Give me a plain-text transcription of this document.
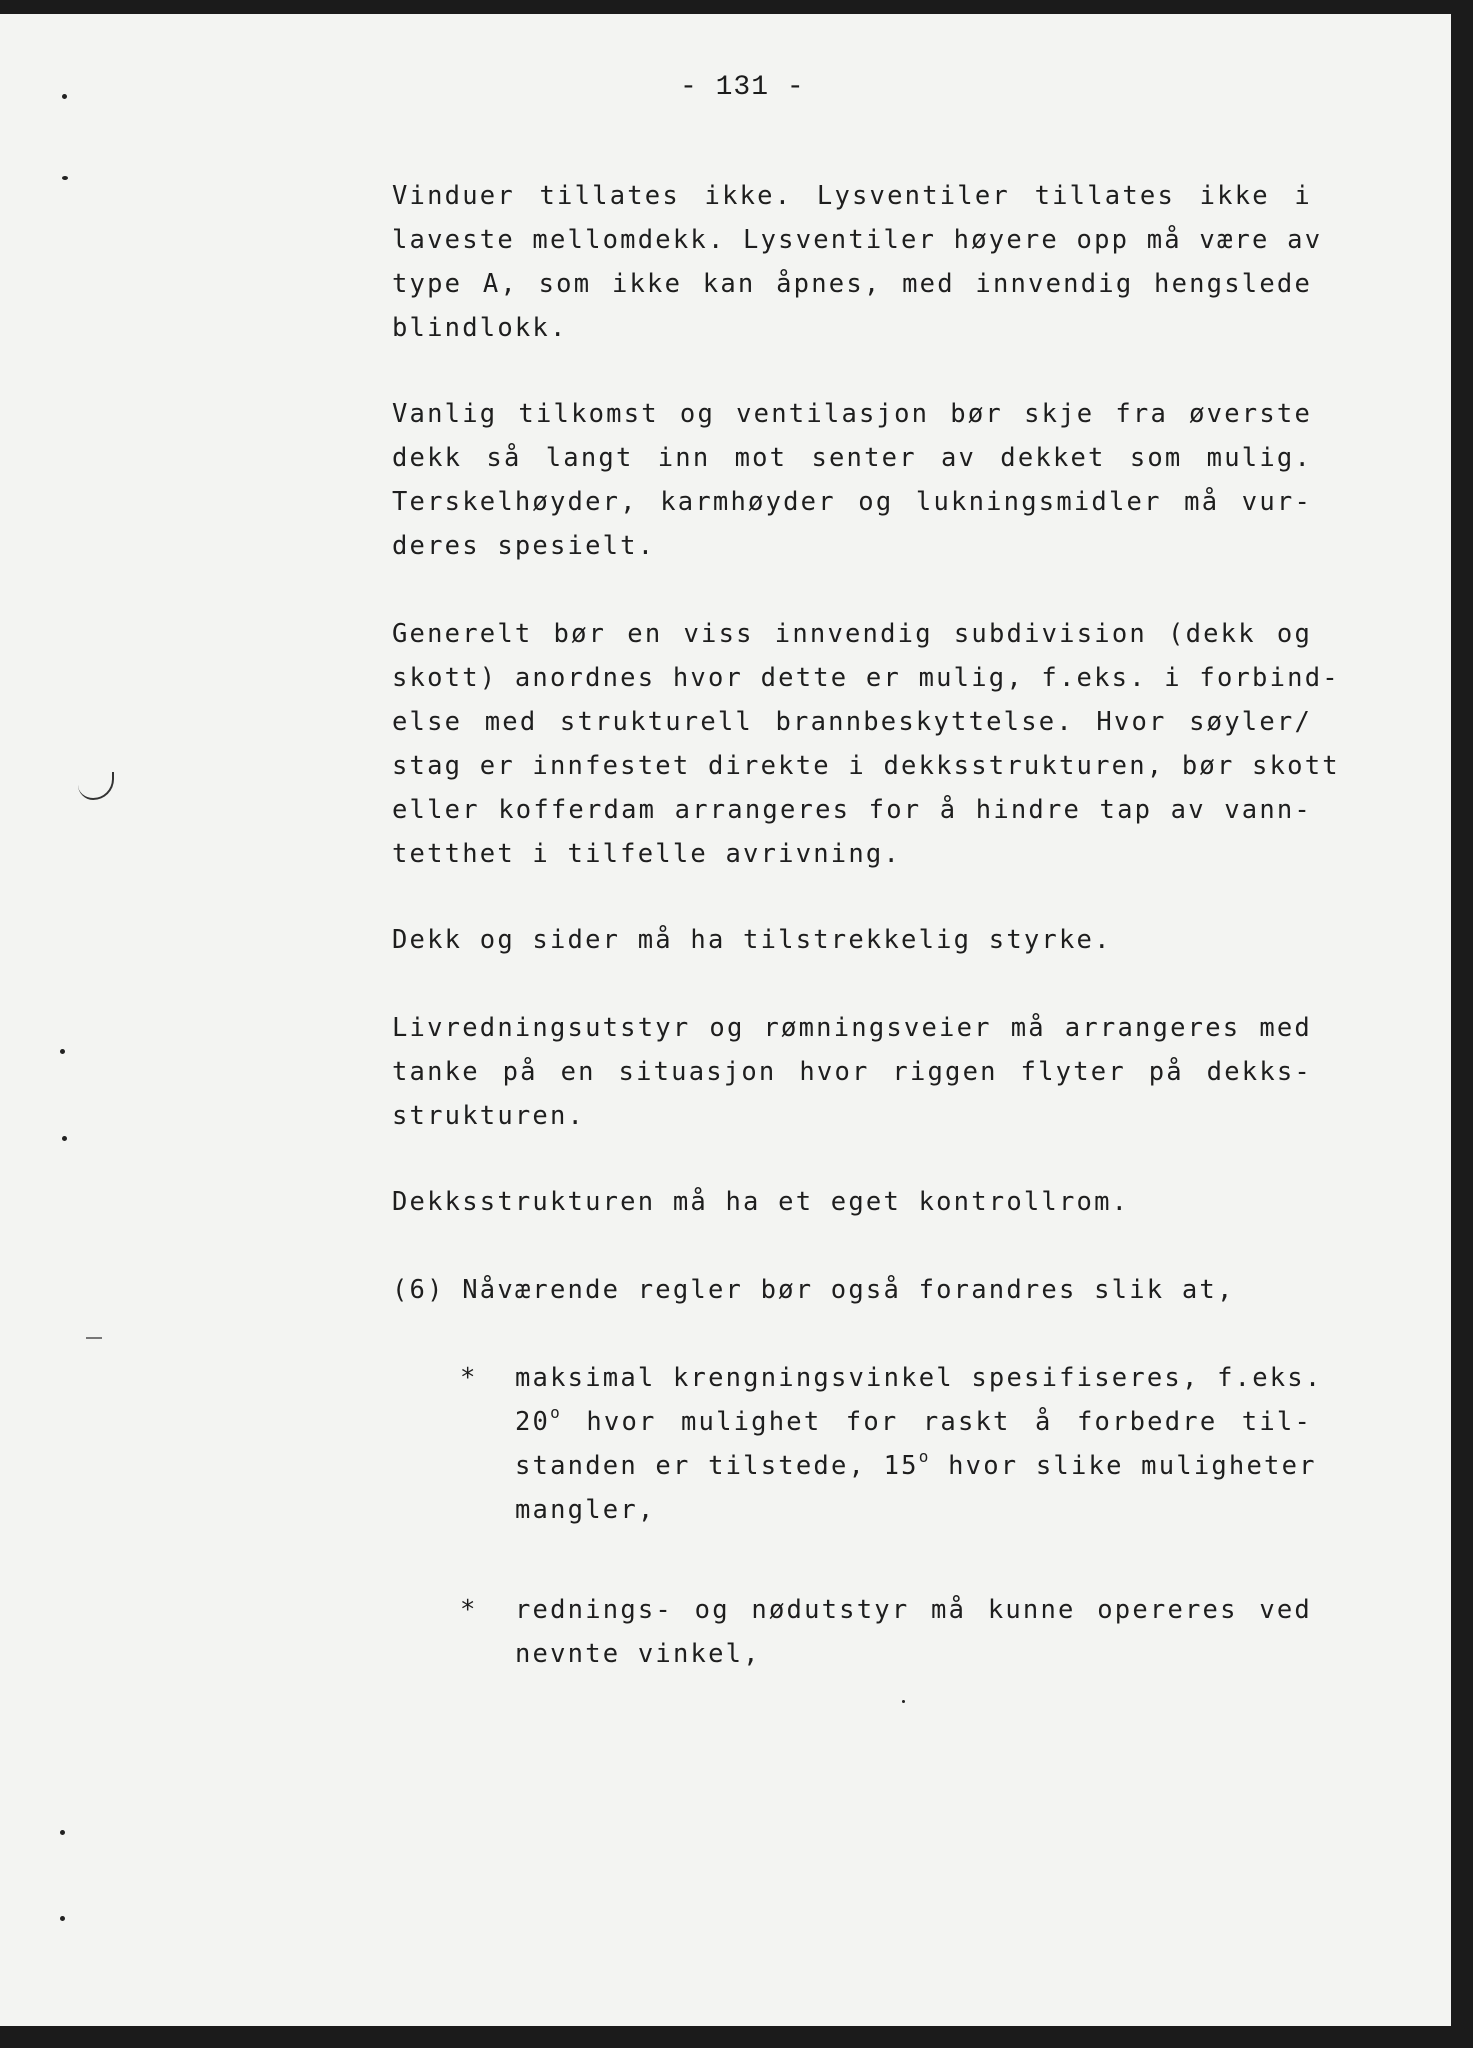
- 131 -
Vinduer tillates ikke. Lysventiler tillates ikke i
laveste mellomdekk. Lysventiler høyere opp må være av
type A, som ikke kan åpnes, med innvendig hengslede
blindlokk.
Vanlig tilkomst og ventilasjon bør skje fra øverste
dekk så langt inn mot senter av dekket som mulig.
Terskelhøyder, karmhøyder og lukningsmidler må vur-
deres spesielt.
Generelt bør en viss innvendig subdivision (dekk og
skott) anordnes hvor dette er mulig, f.eks. i forbind-
else med strukturell brannbeskyttelse. Hvor søyler/
stag er innfestet direkte i dekksstrukturen, bør skott
eller kofferdam arrangeres for å hindre tap av vann-
tetthet i tilfelle avrivning.
Dekk og sider må ha tilstrekkelig styrke.
Livredningsutstyr og rømningsveier må arrangeres med
tanke på en situasjon hvor riggen flyter på dekks-
strukturen.
Dekksstrukturen må ha et eget kontrollrom.
(6) Nåværende regler bør også forandres slik at,
* maksimal krengningsvinkel spesifiseres, f.eks.
20$^o$ hvor mulighet for raskt å forbedre til-
standen er tilstede, 15$^o$ hvor slike muligheter
mangler,
* rednings- og nødutstyr må kunne opereres ved
nevnte vinkel,
